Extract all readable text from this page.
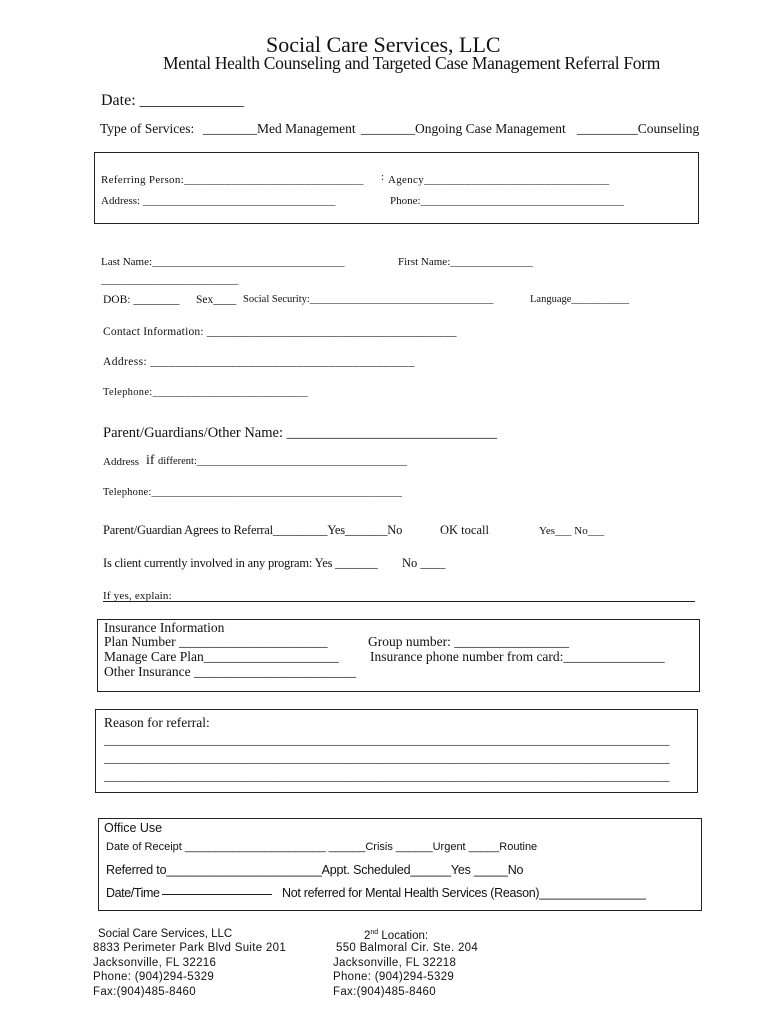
Social Care Services, LLC
Mental Health Counseling and Targeted Case Management Referral Form
Date: _____________
Type of Services: ________Med Management ________Ongoing Case Management _________Counseling
Referring Person:_______________________________ : Agency________________________________
Address: ___________________________________	Phone:_____________________________________
Last Name:___________________________________	First Name:_______________
_________________________
DOB: ________ Sex____ Social Security:___________________________________	Language___________
Contact Information: __________________________________________
Address: ___________________________________________
Telephone:____________________________
Parent/Guardians/Other Name: _____________________________
Address if different:________________________________________
Telephone:______________________________________________
Parent/Guardian Agrees to Referral_________Yes_______No	OK tocall	Yes___ No___
Is client currently involved in any program: Yes _______ No ____
If yes, explain:
Insurance Information
Plan Number ______________________	Group number: _________________
Manage Care Plan____________________ Insurance phone number from card:_______________
Other Insurance ________________________
Reason for referral:
_______________________________________________________________________________________
_______________________________________________________________________________________
_______________________________________________________________________________________
Office Use
Date of Receipt _______________________ ______Crisis ______Urgent _____Routine
Referred to_______________________Appt. Scheduled______Yes _____No
Date/Time	Not referred for Mental Health Services (Reason)________________
Social Care Services, LLC
8833 Perimeter Park Blvd Suite 201
Jacksonville, FL 32216
Phone: (904)294-5329
Fax:(904)485-8460
2nd Location:
550 Balmoral Cir. Ste. 204
Jacksonville, FL 32218
Phone: (904)294-5329
Fax:(904)485-8460
